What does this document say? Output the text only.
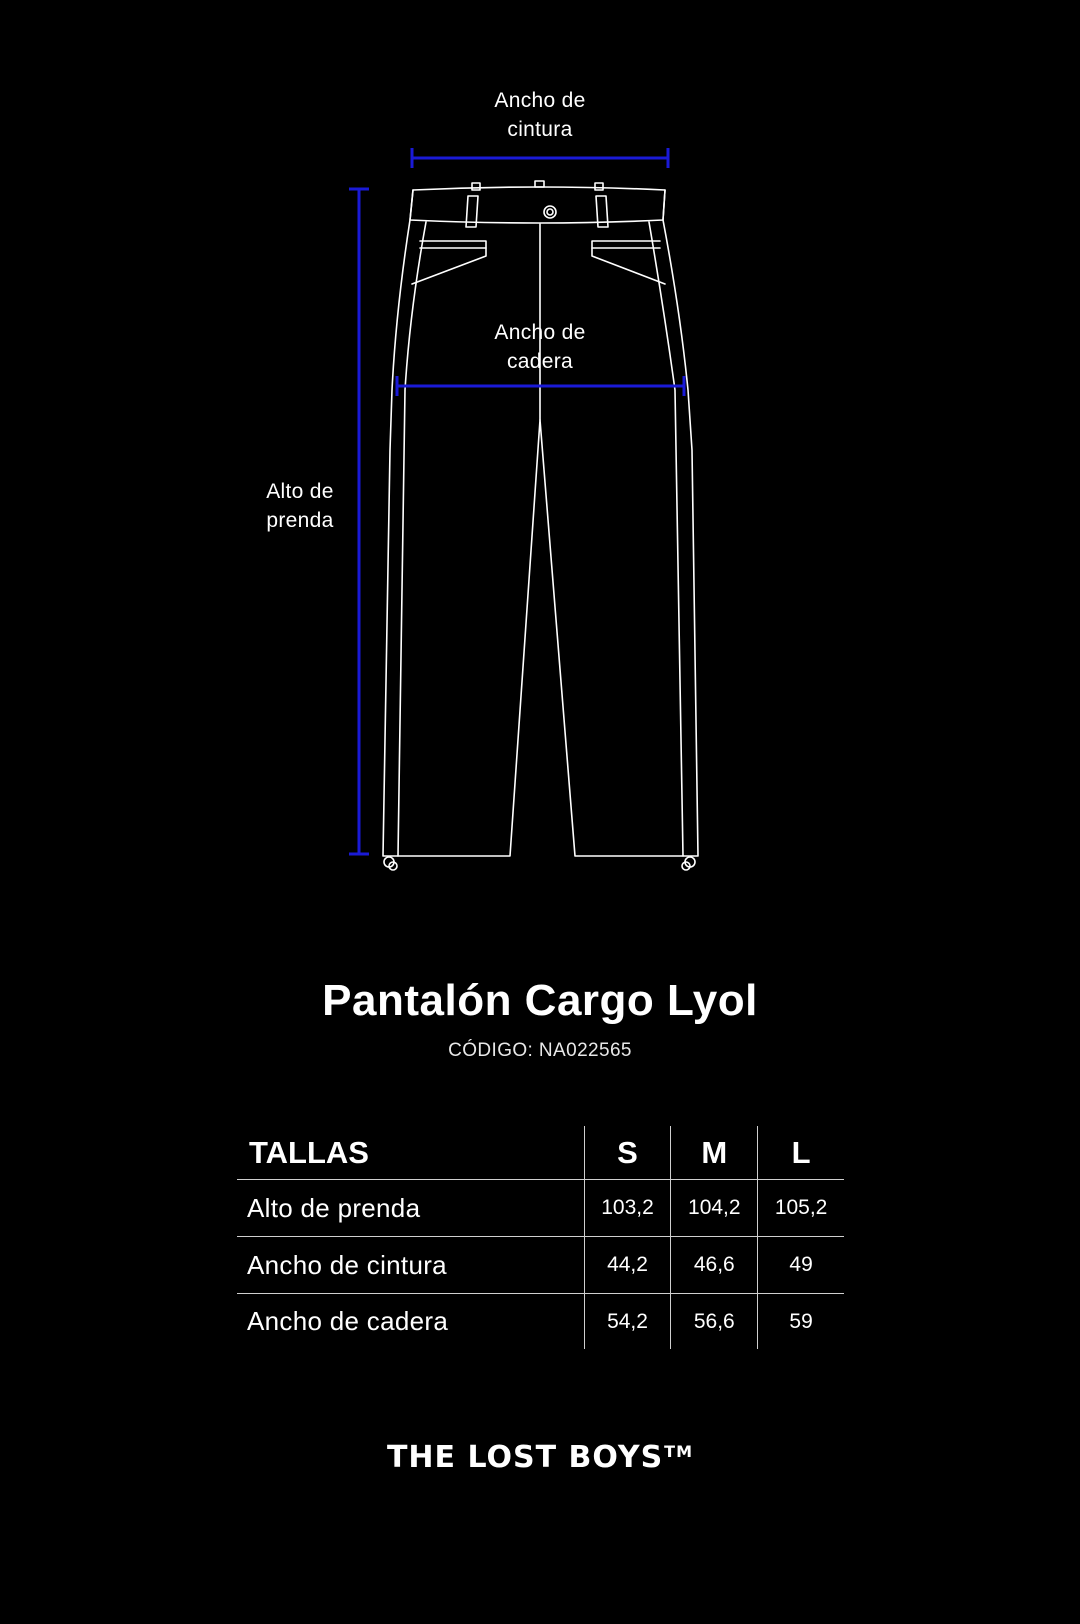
Ancho de
cintura
Ancho de
cadera
Alto de
prenda
Pantalón Cargo Lyol
CÓDIGO: NA022565
TALLAS	S	M	L
Alto de prenda	103,2	104,2	105,2
Ancho de cintura	44,2	46,6	49
Ancho de cadera	54,2	56,6	59
THE LOST BOYS™
